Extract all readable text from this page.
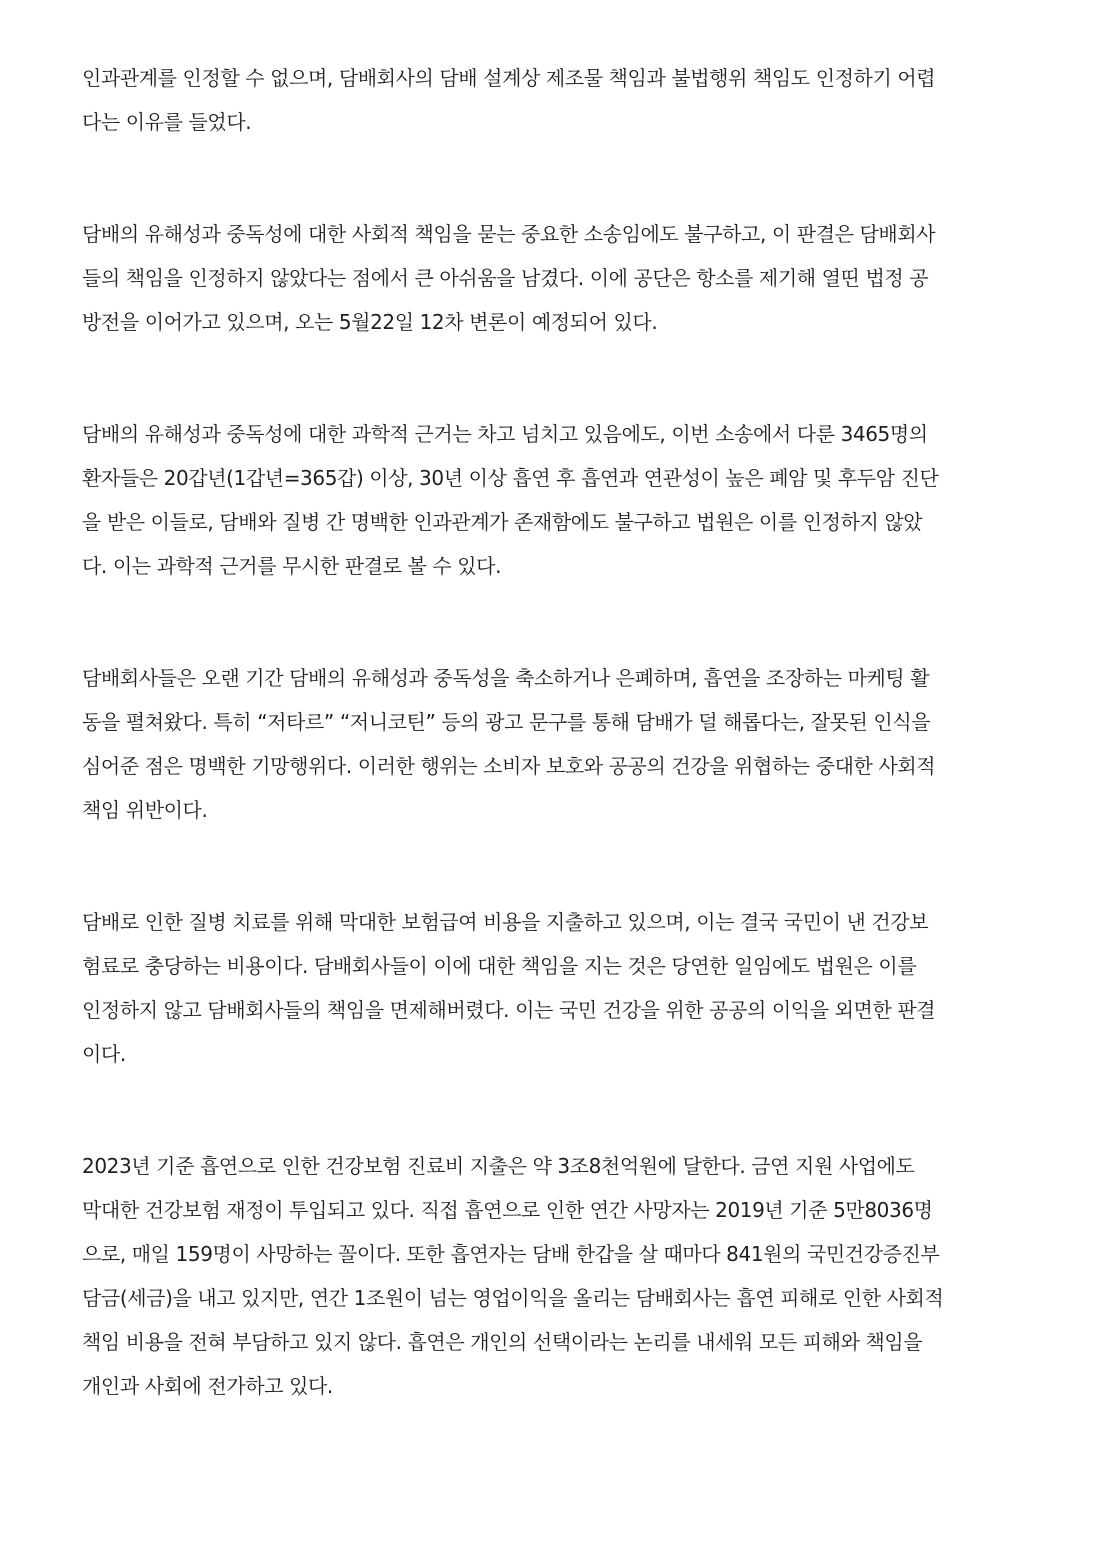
인과관계를 인정할 수 없으며, 담배회사의 담배 설계상 제조물 책임과 불법행위 책임도 인정하기 어렵
다는 이유를 들었다.

담배의 유해성과 중독성에 대한 사회적 책임을 묻는 중요한 소송임에도 불구하고, 이 판결은 담배회사
들의 책임을 인정하지 않았다는 점에서 큰 아쉬움을 남겼다. 이에 공단은 항소를 제기해 열띤 법정 공
방전을 이어가고 있으며, 오는 5월22일 12차 변론이 예정되어 있다.

담배의 유해성과 중독성에 대한 과학적 근거는 차고 넘치고 있음에도, 이번 소송에서 다룬 3465명의
환자들은 20갑년(1갑년=365갑) 이상, 30년 이상 흡연 후 흡연과 연관성이 높은 폐암 및 후두암 진단
을 받은 이들로, 담배와 질병 간 명백한 인과관계가 존재함에도 불구하고 법원은 이를 인정하지 않았
다. 이는 과학적 근거를 무시한 판결로 볼 수 있다.

담배회사들은 오랜 기간 담배의 유해성과 중독성을 축소하거나 은폐하며, 흡연을 조장하는 마케팅 활
동을 펼쳐왔다. 특히 “저타르” “저니코틴” 등의 광고 문구를 통해 담배가 덜 해롭다는, 잘못된 인식을
심어준 점은 명백한 기망행위다. 이러한 행위는 소비자 보호와 공공의 건강을 위협하는 중대한 사회적
책임 위반이다.

담배로 인한 질병 치료를 위해 막대한 보험급여 비용을 지출하고 있으며, 이는 결국 국민이 낸 건강보
험료로 충당하는 비용이다. 담배회사들이 이에 대한 책임을 지는 것은 당연한 일임에도 법원은 이를
인정하지 않고 담배회사들의 책임을 면제해버렸다. 이는 국민 건강을 위한 공공의 이익을 외면한 판결
이다.

2023년 기준 흡연으로 인한 건강보험 진료비 지출은 약 3조8천억원에 달한다. 금연 지원 사업에도
막대한 건강보험 재정이 투입되고 있다. 직접 흡연으로 인한 연간 사망자는 2019년 기준 5만8036명
으로, 매일 159명이 사망하는 꼴이다. 또한 흡연자는 담배 한갑을 살 때마다 841원의 국민건강증진부
담금(세금)을 내고 있지만, 연간 1조원이 넘는 영업이익을 올리는 담배회사는 흡연 피해로 인한 사회적
책임 비용을 전혀 부담하고 있지 않다. 흡연은 개인의 선택이라는 논리를 내세워 모든 피해와 책임을
개인과 사회에 전가하고 있다.
